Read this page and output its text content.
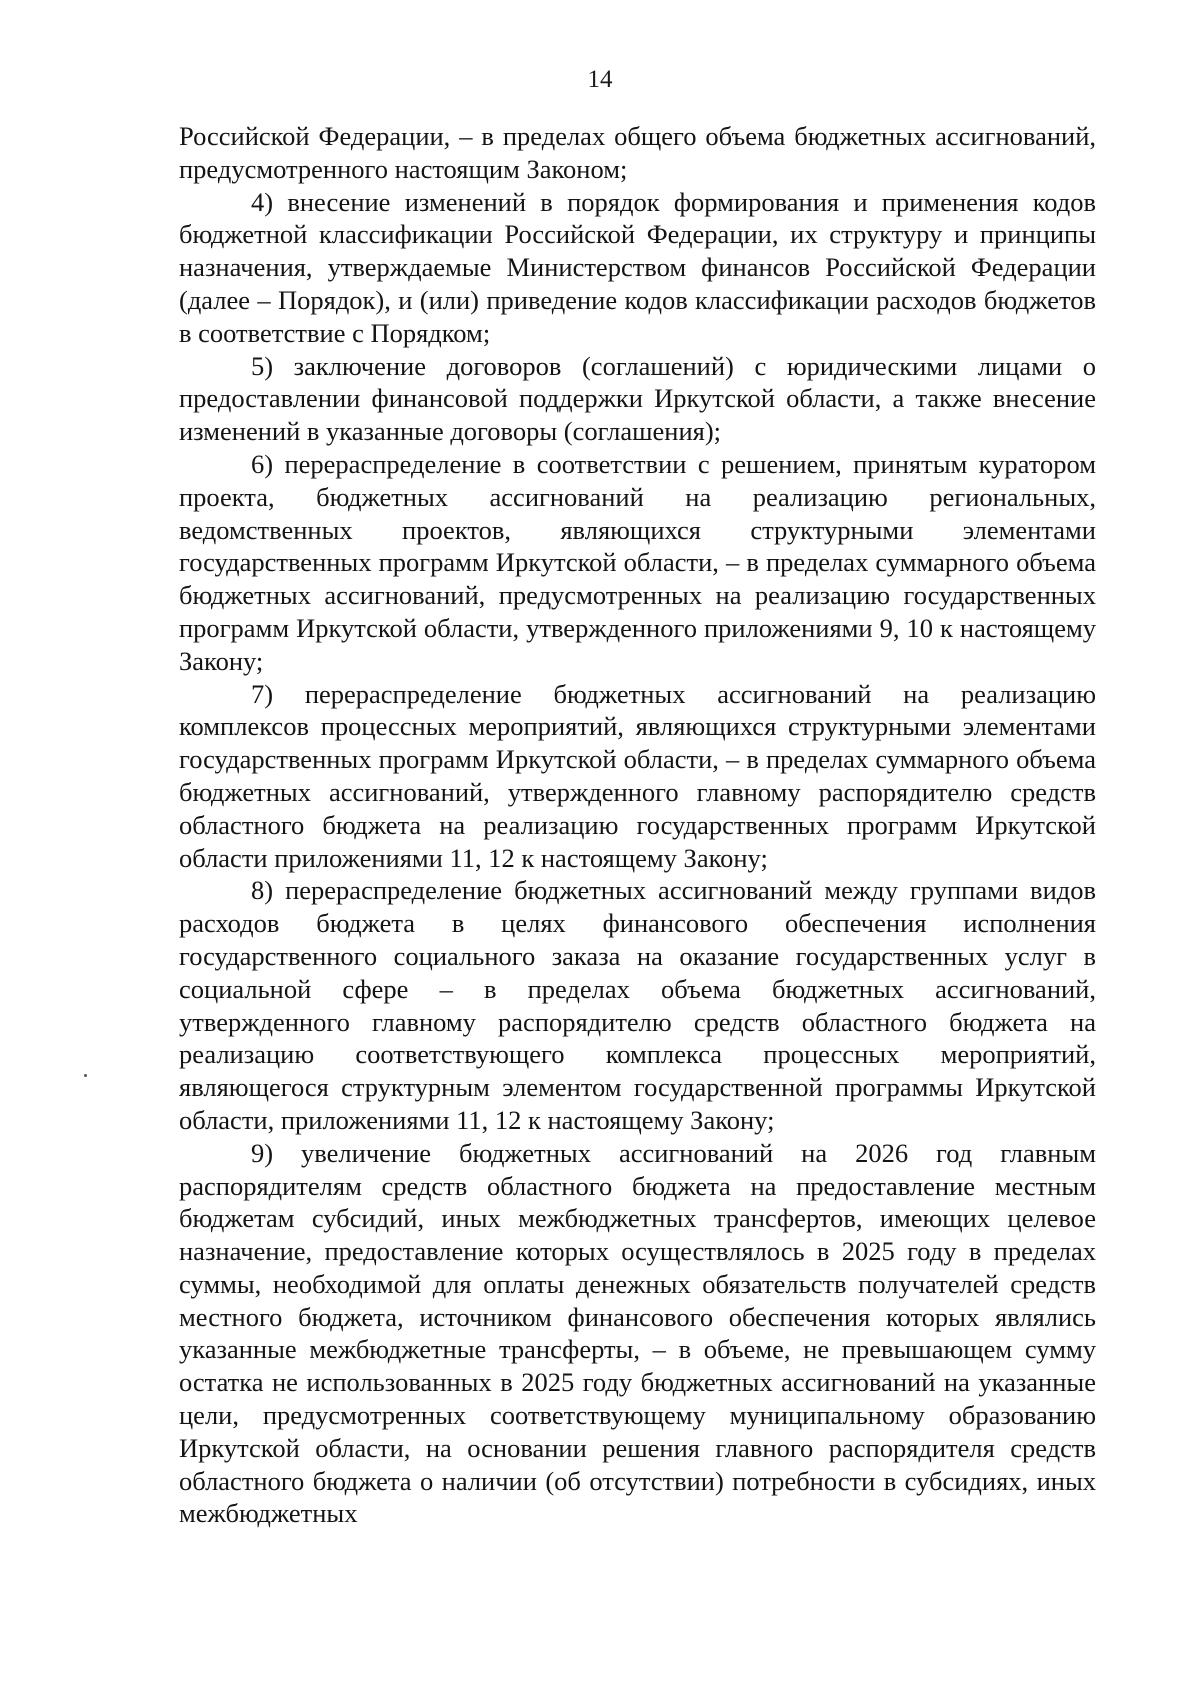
14

Российской Федерации, – в пределах общего объема бюджетных ассигнований, предусмотренного настоящим Законом;

4) внесение изменений в порядок формирования и применения кодов бюджетной классификации Российской Федерации, их структуру и принципы назначения, утверждаемые Министерством финансов Российской Федерации (далее – Порядок), и (или) приведение кодов классификации расходов бюджетов в соответствие с Порядком;

5) заключение договоров (соглашений) с юридическими лицами о предоставлении финансовой поддержки Иркутской области, а также внесение изменений в указанные договоры (соглашения);

6) перераспределение в соответствии с решением, принятым куратором проекта, бюджетных ассигнований на реализацию региональных, ведомственных проектов, являющихся структурными элементами государственных программ Иркутской области, – в пределах суммарного объема бюджетных ассигнований, предусмотренных на реализацию государственных программ Иркутской области, утвержденного приложениями 9, 10 к настоящему Закону;

7) перераспределение бюджетных ассигнований на реализацию комплексов процессных мероприятий, являющихся структурными элементами государственных программ Иркутской области, – в пределах суммарного объема бюджетных ассигнований, утвержденного главному распорядителю средств областного бюджета на реализацию государственных программ Иркутской области приложениями 11, 12 к настоящему Закону;

8) перераспределение бюджетных ассигнований между группами видов расходов бюджета в целях финансового обеспечения исполнения государственного социального заказа на оказание государственных услуг в социальной сфере – в пределах объема бюджетных ассигнований, утвержденного главному распорядителю средств областного бюджета на реализацию соответствующего комплекса процессных мероприятий, являющегося структурным элементом государственной программы Иркутской области, приложениями 11, 12 к настоящему Закону;

9) увеличение бюджетных ассигнований на 2026 год главным распорядителям средств областного бюджета на предоставление местным бюджетам субсидий, иных межбюджетных трансфертов, имеющих целевое назначение, предоставление которых осуществлялось в 2025 году в пределах суммы, необходимой для оплаты денежных обязательств получателей средств местного бюджета, источником финансового обеспечения которых являлись указанные межбюджетные трансферты, – в объеме, не превышающем сумму остатка не использованных в 2025 году бюджетных ассигнований на указанные цели, предусмотренных соответствующему муниципальному образованию Иркутской области, на основании решения главного распорядителя средств областного бюджета о наличии (об отсутствии) потребности в субсидиях, иных межбюджетных
